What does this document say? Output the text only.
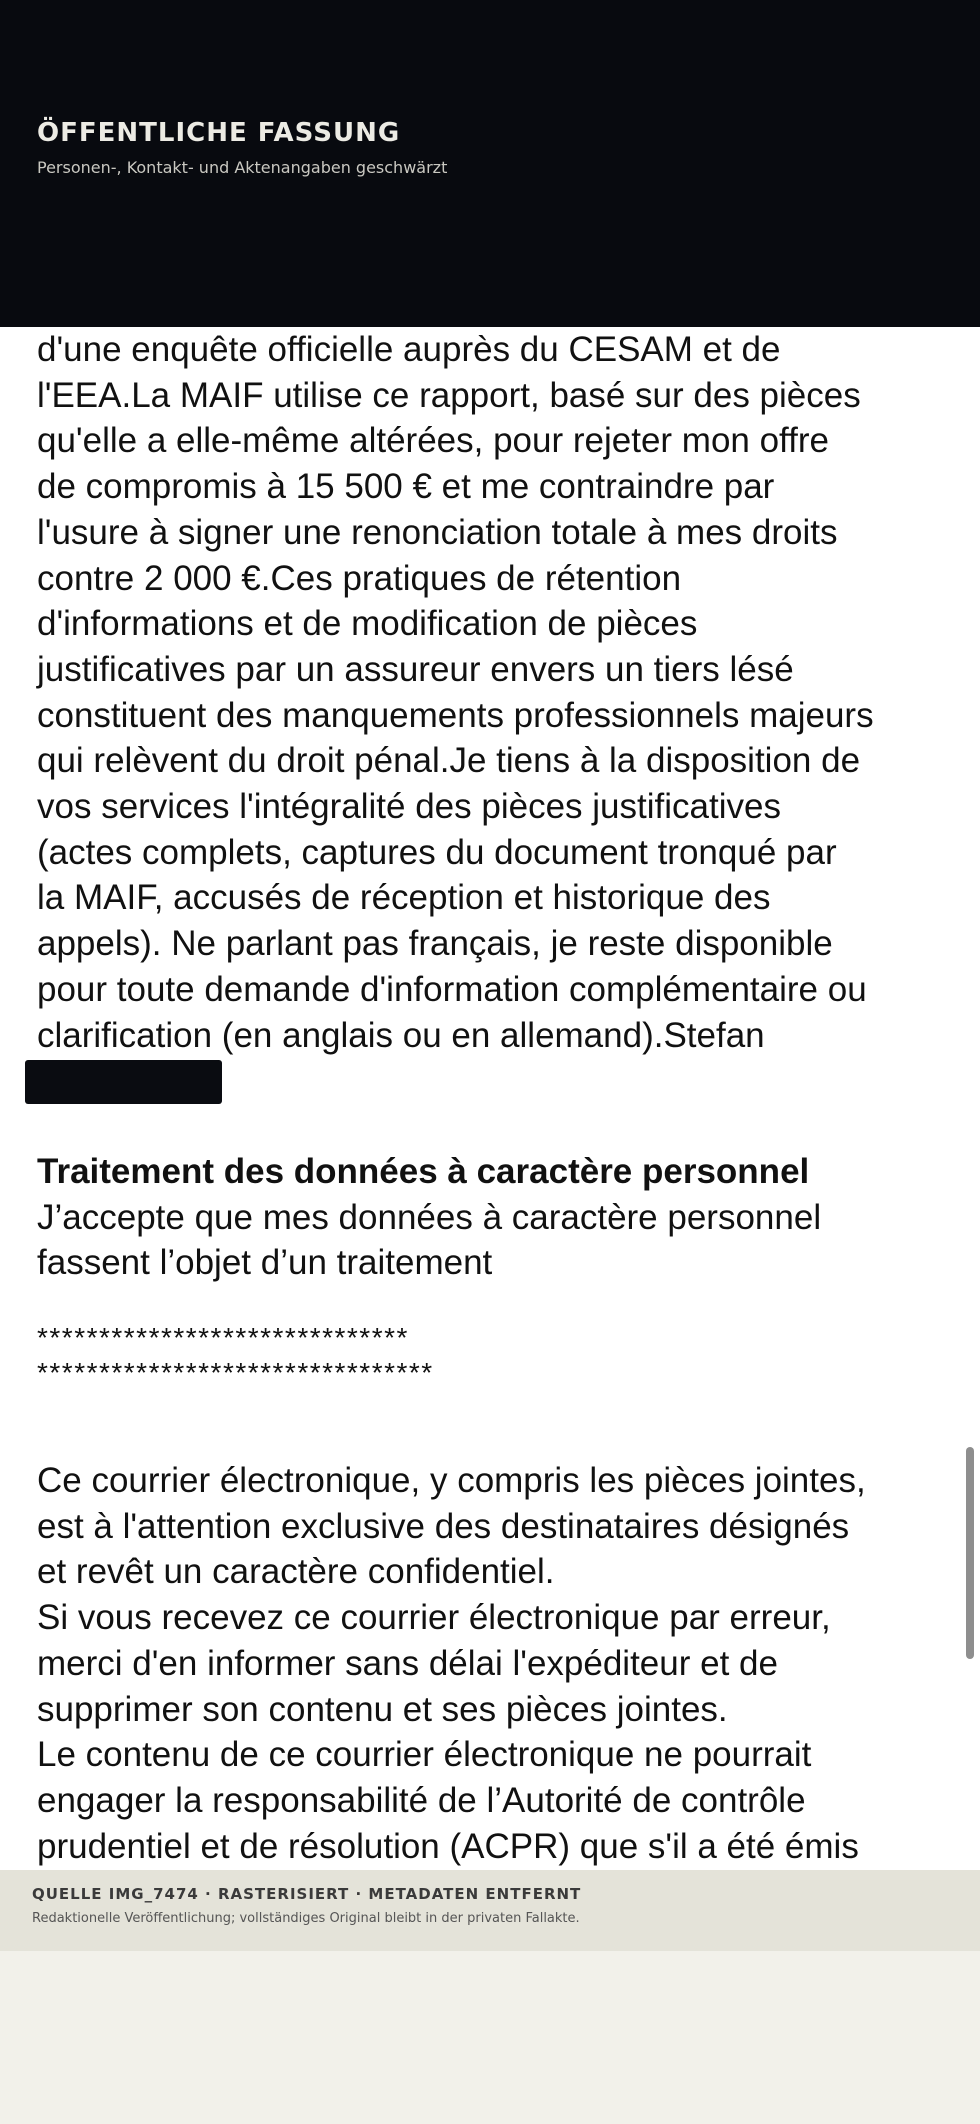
ÖFFENTLICHE FASSUNG
Personen-, Kontakt- und Aktenangaben geschwärzt
d'une enquête officielle auprès du CESAM et de
l'EEA.La MAIF utilise ce rapport, basé sur des pièces
qu'elle a elle-même altérées, pour rejeter mon offre
de compromis à 15 500 € et me contraindre par
l'usure à signer une renonciation totale à mes droits
contre 2 000 €.Ces pratiques de rétention
d'informations et de modification de pièces
justificatives par un assureur envers un tiers lésé
constituent des manquements professionnels majeurs
qui relèvent du droit pénal.Je tiens à la disposition de
vos services l'intégralité des pièces justificatives
(actes complets, captures du document tronqué par
la MAIF, accusés de réception et historique des
appels). Ne parlant pas français, je reste disponible
pour toute demande d'information complémentaire ou
clarification (en anglais ou en allemand).Stefan
Traitement des données à caractère personnel
J’accepte que mes données à caractère personnel
fassent l’objet d’un traitement
******************************
********************************
Ce courrier électronique, y compris les pièces jointes,
est à l'attention exclusive des destinataires désignés
et revêt un caractère confidentiel.
Si vous recevez ce courrier électronique par erreur,
merci d'en informer sans délai l'expéditeur et de
supprimer son contenu et ses pièces jointes.
Le contenu de ce courrier électronique ne pourrait
engager la responsabilité de l’Autorité de contrôle
prudentiel et de résolution (ACPR) que s'il a été émis
QUELLE IMG_7474 · RASTERISIERT · METADATEN ENTFERNT
Redaktionelle Veröffentlichung; vollständiges Original bleibt in der privaten Fallakte.
